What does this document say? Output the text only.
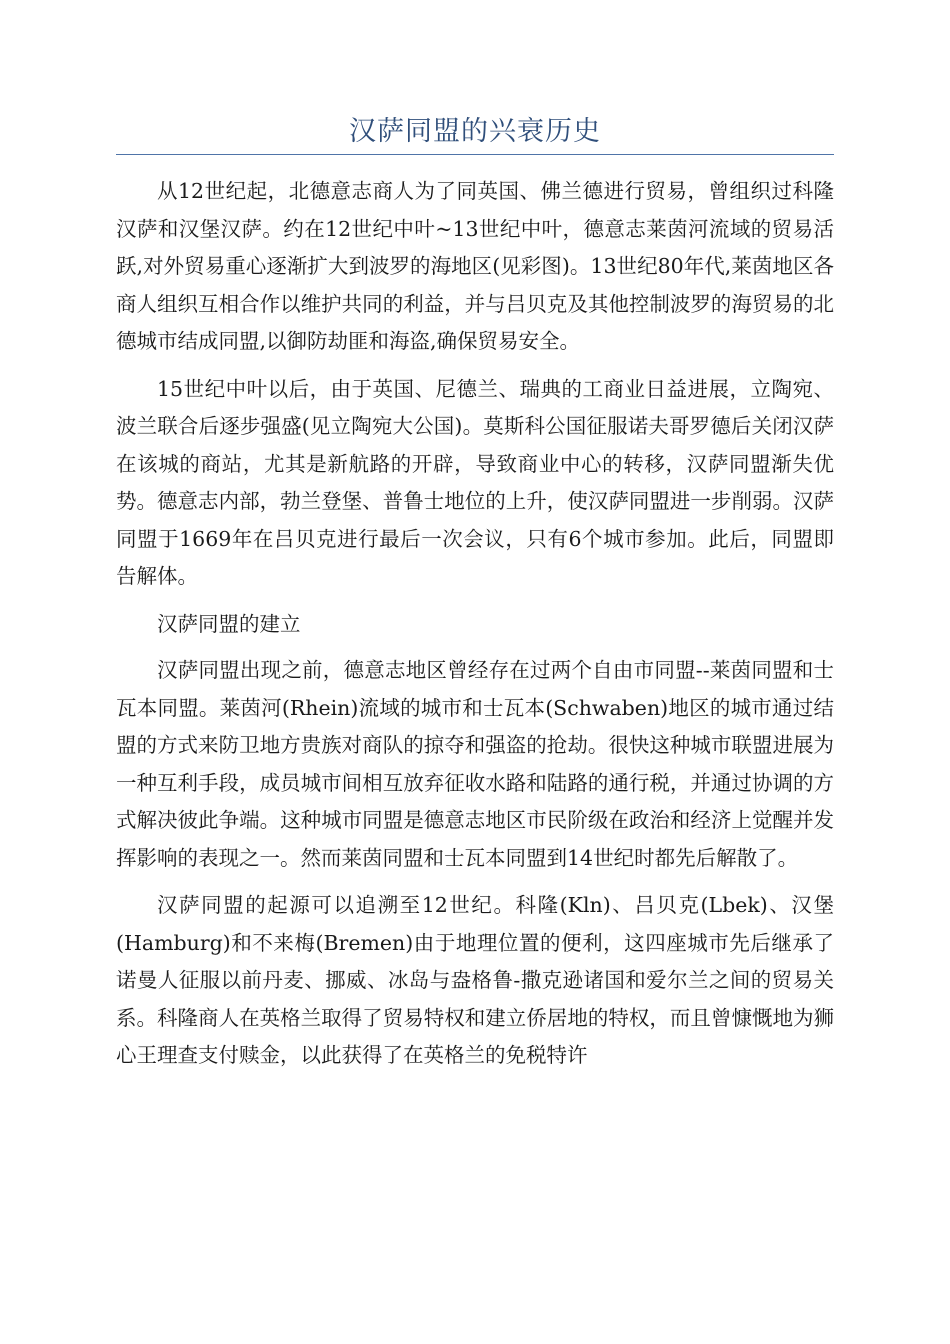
汉萨同盟的兴衰历史

从12世纪起，北德意志商人为了同英国、佛兰德进行贸易，曾组织过科隆汉萨和汉堡汉萨。约在12世纪中叶~13世纪中叶，德意志莱茵河流域的贸易活跃,对外贸易重心逐渐扩大到波罗的海地区(见彩图)。13世纪80年代,莱茵地区各商人组织互相合作以维护共同的利益，并与吕贝克及其他控制波罗的海贸易的北德城市结成同盟,以御防劫匪和海盗,确保贸易安全。

15世纪中叶以后，由于英国、尼德兰、瑞典的工商业日益进展，立陶宛、波兰联合后逐步强盛(见立陶宛大公国)。莫斯科公国征服诺夫哥罗德后关闭汉萨在该城的商站，尤其是新航路的开辟，导致商业中心的转移，汉萨同盟渐失优势。德意志内部，勃兰登堡、普鲁士地位的上升，使汉萨同盟进一步削弱。汉萨同盟于1669年在吕贝克进行最后一次会议，只有6个城市参加。此后，同盟即告解体。

汉萨同盟的建立

汉萨同盟出现之前，德意志地区曾经存在过两个自由市同盟--莱茵同盟和士瓦本同盟。莱茵河(Rhein)流域的城市和士瓦本(Schwaben)地区的城市通过结盟的方式来防卫地方贵族对商队的掠夺和强盗的抢劫。很快这种城市联盟进展为一种互利手段，成员城市间相互放弃征收水路和陆路的通行税，并通过协调的方式解决彼此争端。这种城市同盟是德意志地区市民阶级在政治和经济上觉醒并发挥影响的表现之一。然而莱茵同盟和士瓦本同盟到14世纪时都先后解散了。

汉萨同盟的起源可以追溯至12世纪。科隆(Kln)、吕贝克(Lbek)、汉堡(Hamburg)和不来梅(Bremen)由于地理位置的便利，这四座城市先后继承了诺曼人征服以前丹麦、挪威、冰岛与盎格鲁-撒克逊诸国和爱尔兰之间的贸易关系。科隆商人在英格兰取得了贸易特权和建立侨居地的特权，而且曾慷慨地为狮心王理查支付赎金，以此获得了在英格兰的免税特许
